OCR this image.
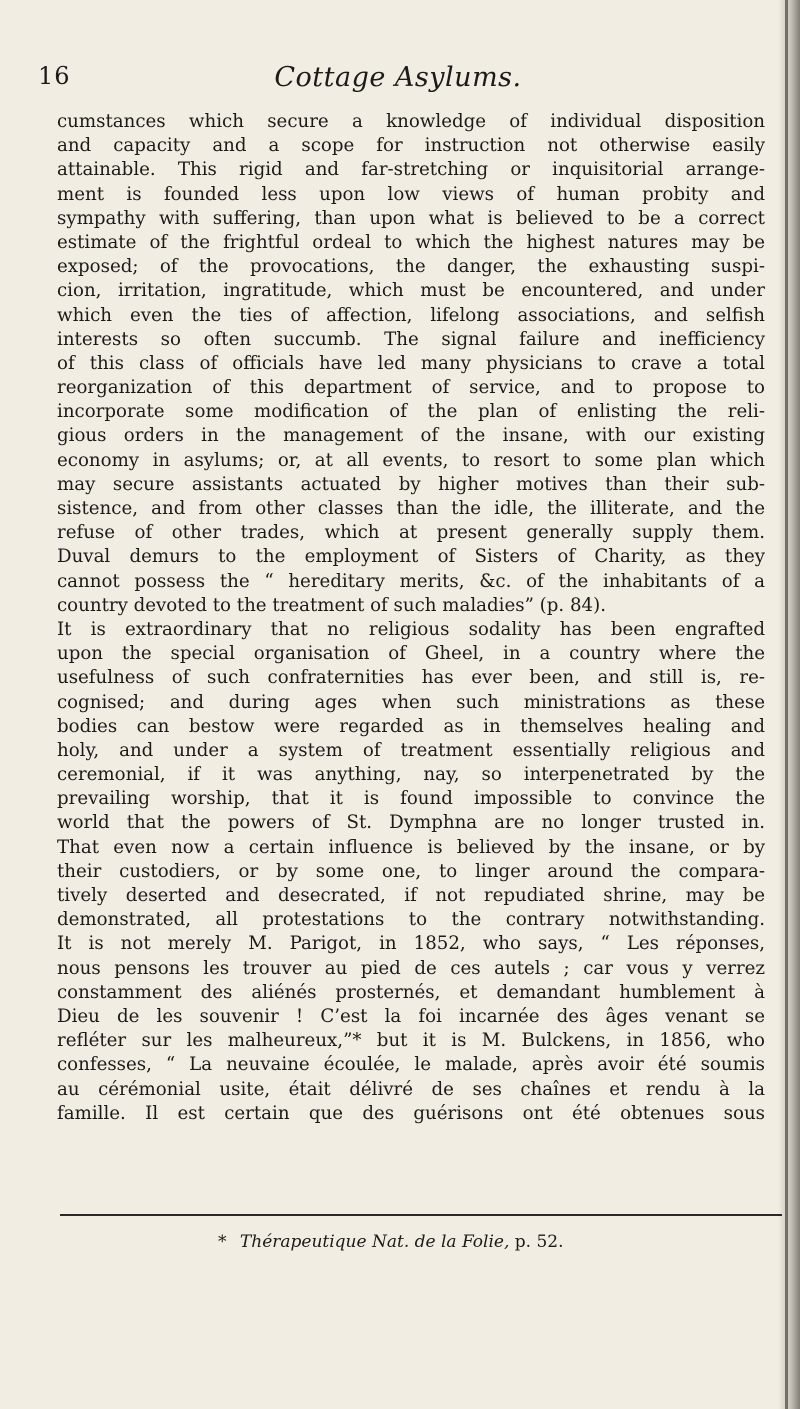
16	Cottage Asylums.
cumstances which secure a knowledge of individual disposition
and capacity and a scope for instruction not otherwise easily
attainable. This rigid and far-stretching or inquisitorial arrange-
ment is founded less upon low views of human probity and
sympathy with suffering, than upon what is believed to be a correct
estimate of the frightful ordeal to which the highest natures may be
exposed; of the provocations, the danger, the exhausting suspi-
cion, irritation, ingratitude, which must be encountered, and under
which even the ties of affection, lifelong associations, and selfish
interests so often succumb. The signal failure and inefficiency
of this class of officials have led many physicians to crave a total
reorganization of this department of service, and to propose to
incorporate some modification of the plan of enlisting the reli-
gious orders in the management of the insane, with our existing
economy in asylums; or, at all events, to resort to some plan which
may secure assistants actuated by higher motives than their sub-
sistence, and from other classes than the idle, the illiterate, and the
refuse of other trades, which at present generally supply them.
Duval demurs to the employment of Sisters of Charity, as they
cannot possess the “ hereditary merits, &c. of the inhabitants of a
country devoted to the treatment of such maladies” (p. 84).
It is extraordinary that no religious sodality has been engrafted
upon the special organisation of Gheel, in a country where the
usefulness of such confraternities has ever been, and still is, re-
cognised; and during ages when such ministrations as these
bodies can bestow were regarded as in themselves healing and
holy, and under a system of treatment essentially religious and
ceremonial, if it was anything, nay, so interpenetrated by the
prevailing worship, that it is found impossible to convince the
world that the powers of St. Dymphna are no longer trusted in.
That even now a certain influence is believed by the insane, or by
their custodiers, or by some one, to linger around the compara-
tively deserted and desecrated, if not repudiated shrine, may be
demonstrated, all protestations to the contrary notwithstanding.
It is not merely M. Parigot, in 1852, who says, “ Les réponses,
nous pensons les trouver au pied de ces autels ; car vous y verrez
constamment des aliénés prosternés, et demandant humblement à
Dieu de les souvenir ! C’est la foi incarnée des âges venant se
refléter sur les malheureux,”* but it is M. Bulckens, in 1856, who
confesses, “ La neuvaine écoulée, le malade, après avoir été soumis
au cérémonial usite, était délivré de ses chaînes et rendu à la
famille. Il est certain que des guérisons ont été obtenues sous
* Thérapeutique Nat. de la Folie, p. 52.
